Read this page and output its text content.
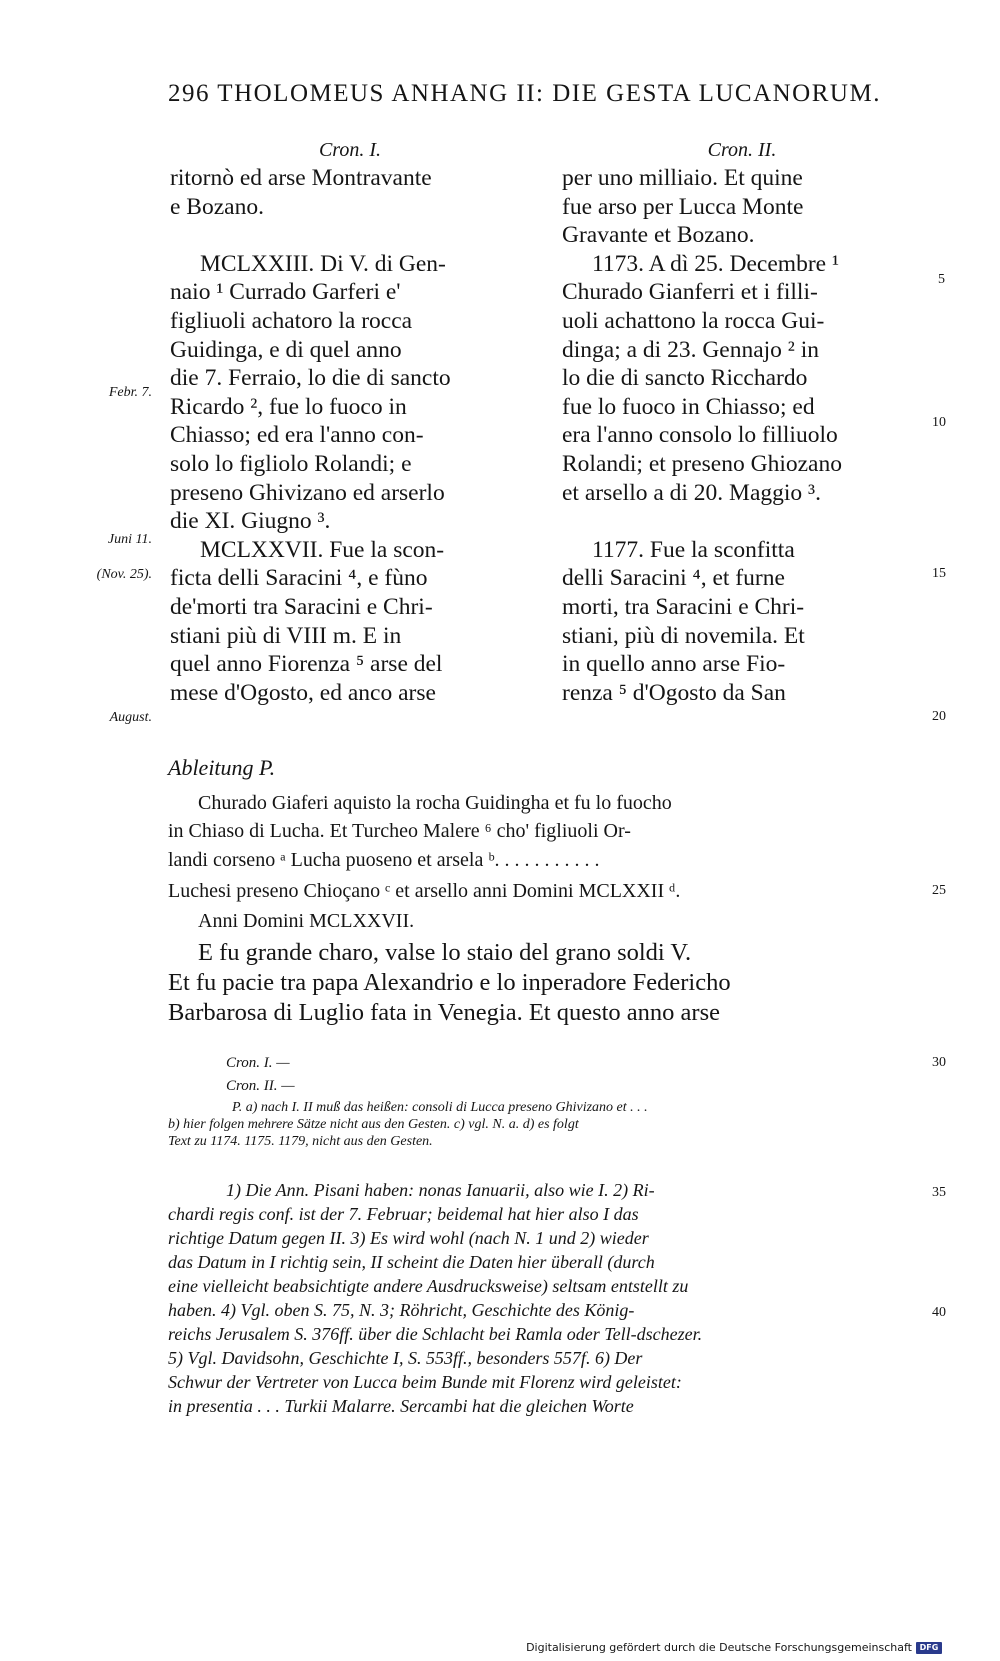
296 THOLOMEUS ANHANG II: DIE GESTA LUCANORUM.
Cron. I.
ritornò ed arse Montravante
e Bozano.
MCLXXIII. Di V. di Gen-
naio ¹ Currado Garferi e'
figliuoli achatoro la rocca
Guidinga, e di quel anno
die 7. Ferraio, lo die di sancto
Ricardo ², fue lo fuoco in
Chiasso; ed era l'anno con-
solo lo figliolo Rolandi; e
preseno Ghivizano ed arserlo
die XI. Giugno ³.
MCLXXVII. Fue la scon-
ficta delli Saracini ⁴, e fùno
de'morti tra Saracini e Chri-
stiani più di VIII m. E in
quel anno Fiorenza ⁵ arse del
mese d'Ogosto, ed anco arse
Cron. II.
per uno milliaio. Et quine
fue arso per Lucca Monte
Gravante et Bozano.
1173. A dì 25. Decembre ¹
Churado Gianferri et i filli-
uoli achattono la rocca Gui-
dinga; a di 23. Gennajo ² in
lo die di sancto Ricchardo
fue lo fuoco in Chiasso; ed
era l'anno consolo lo filliuolo
Rolandi; et preseno Ghiozano
et arsello a di 20. Maggio ³.
1177. Fue la sconfitta
delli Saracini ⁴, et furne
morti, tra Saracini e Chri-
stiani, più di novemila. Et
in quello anno arse Fio-
renza ⁵ d'Ogosto da San
Febr. 7.
Juni 11.
(Nov. 25).
August.
5
10
15
20
25
30
35
40
Ableitung P.
Churado Giaferi aquisto la rocha Guidingha et fu lo fuocho
in Chiaso di Lucha. Et Turcheo Malere ⁶ cho' figliuoli Or-
landi corseno ᵃ Lucha puoseno et arsela ᵇ. . . . . . . . . . .
Luchesi preseno Chioçano ᶜ et arsello anni Domini MCLXXII ᵈ.
Anni Domini MCLXXVII.
E fu grande charo, valse lo staio del grano soldi V.
Et fu pacie tra papa Alexandrio e lo inperadore Federicho
Barbarosa di Luglio fata in Venegia. Et questo anno arse
Cron. I. —
Cron. II. —
P. a) nach I. II muß das heißen: consoli di Lucca preseno Ghivizano et . . .
b) hier folgen mehrere Sätze nicht aus den Gesten. c) vgl. N. a. d) es folgt
Text zu 1174. 1175. 1179, nicht aus den Gesten.
1) Die Ann. Pisani haben: nonas Ianuarii, also wie I. 2) Ri-
chardi regis conf. ist der 7. Februar; beidemal hat hier also I das
richtige Datum gegen II. 3) Es wird wohl (nach N. 1 und 2) wieder
das Datum in I richtig sein, II scheint die Daten hier überall (durch
eine vielleicht beabsichtigte andere Ausdrucksweise) seltsam entstellt zu
haben. 4) Vgl. oben S. 75, N. 3; Röhricht, Geschichte des König-
reichs Jerusalem S. 376ff. über die Schlacht bei Ramla oder Tell-dschezer.
5) Vgl. Davidsohn, Geschichte I, S. 553ff., besonders 557f. 6) Der
Schwur der Vertreter von Lucca beim Bunde mit Florenz wird geleistet:
in presentia . . . Turkii Malarre. Sercambi hat die gleichen Worte
Digitalisierung gefördert durch die Deutsche Forschungsgemeinschaft DFG
